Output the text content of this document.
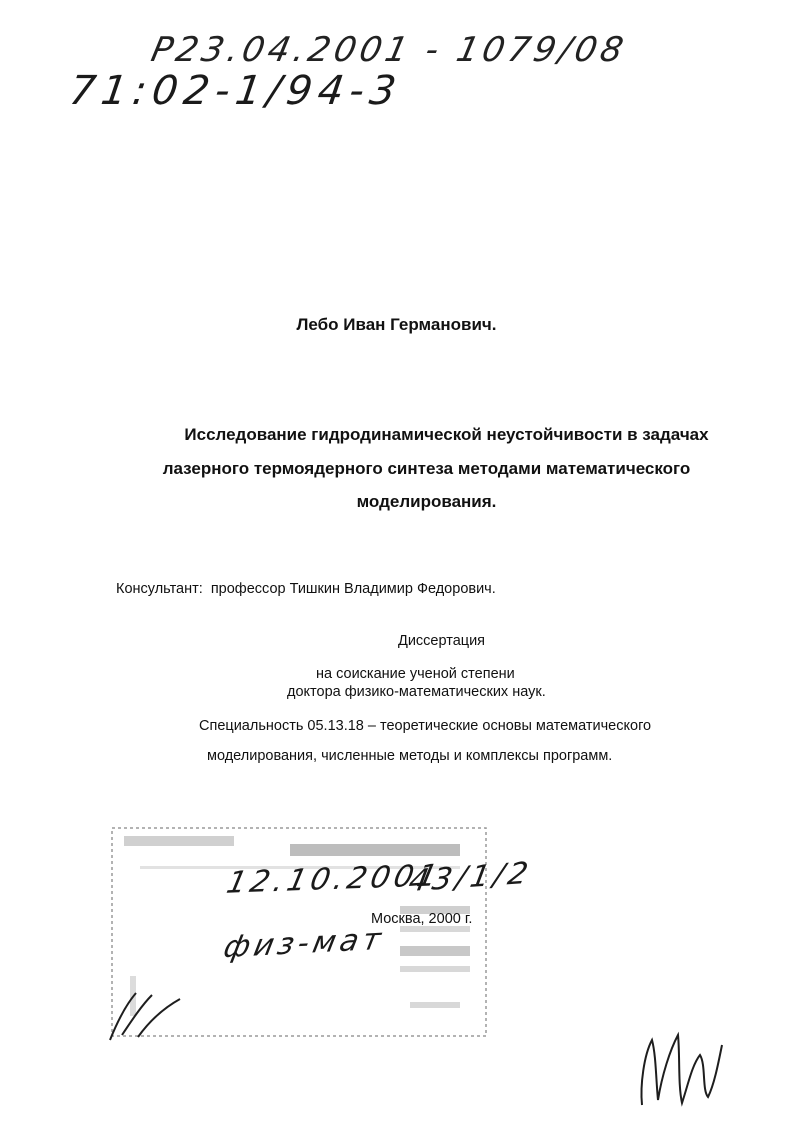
Р23.04.2001 - 1079/08
71:02-1/94-3
Лебо Иван Германович.
Исследование гидродинамической неустойчивости в задачах
лазерного термоядерного синтеза методами математического
моделирования.
Консультант: профессор Тишкин Владимир Федорович.
Диссертация
на соискание ученой степени
доктора физико-математических наук.
Специальность 05.13.18 – теоретические основы математического
моделирования, численные методы и комплексы программ.
12.10.2001
43/1/2
физ-мат
Москва, 2000 г.
